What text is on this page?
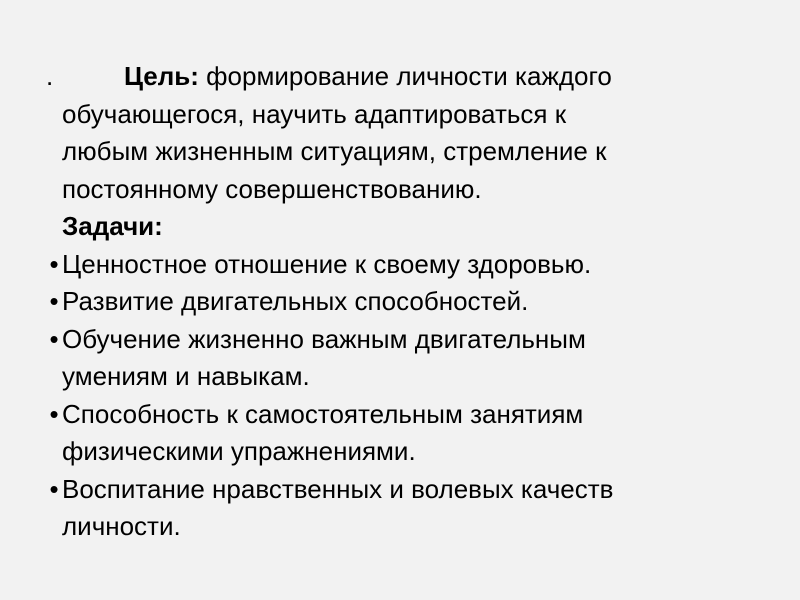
.	Цель: формирование личности каждого
обучающегося, научить адаптироваться к
любым жизненным ситуациям, стремление к
постоянному совершенствованию.
Задачи:
• Ценностное отношение к своему здоровью.
• Развитие двигательных способностей.
• Обучение жизненно важным двигательным
умениям и навыкам.
• Способность к самостоятельным занятиям
физическими упражнениями.
• Воспитание нравственных и волевых качеств
личности.
